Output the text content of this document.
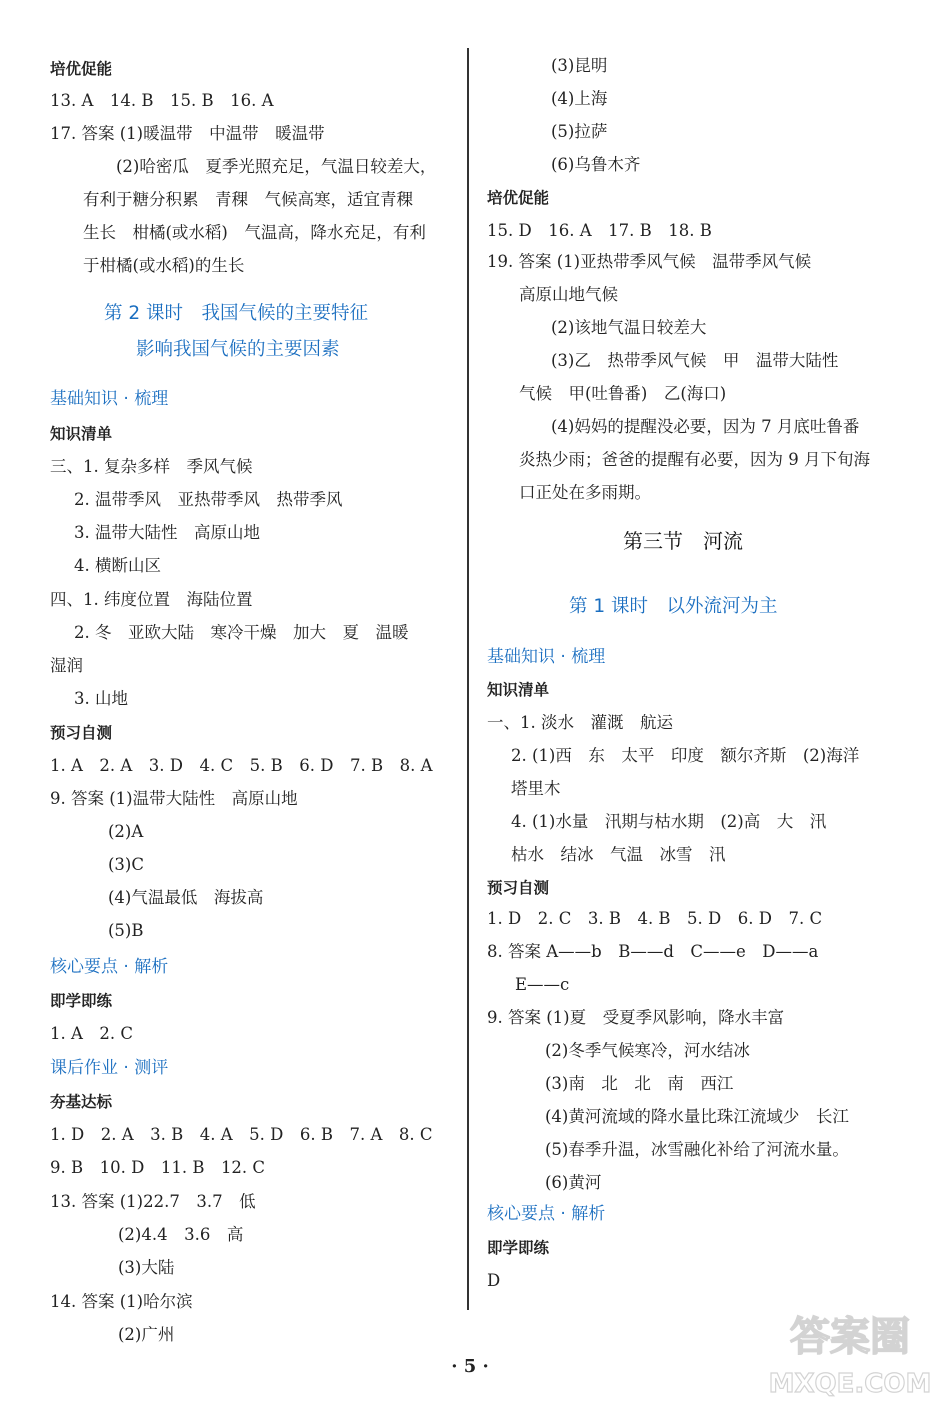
培优促能
13. A　14. B　15. B　16. A
17. 答案 (1)暖温带　中温带　暖温带
(2)哈密瓜　夏季光照充足，气温日较差大，
有利于糖分积累　青稞　气候高寒，适宜青稞
生长　柑橘(或水稻)　气温高，降水充足，有利
于柑橘(或水稻)的生长
第 2 课时　我国气候的主要特征
影响我国气候的主要因素
基础知识 · 梳理
知识清单
三、1. 复杂多样　季风气候
2. 温带季风　亚热带季风　热带季风
3. 温带大陆性　高原山地
4. 横断山区
四、1. 纬度位置　海陆位置
2. 冬　亚欧大陆　寒冷干燥　加大　夏　温暖
湿润
3. 山地
预习自测
1. A　2. A　3. D　4. C　5. B　6. D　7. B　8. A
9. 答案 (1)温带大陆性　高原山地
(2)A
(3)C
(4)气温最低　海拔高
(5)B
核心要点 · 解析
即学即练
1. A　2. C
课后作业 · 测评
夯基达标
1. D　2. A　3. B　4. A　5. D　6. B　7. A　8. C
9. B　10. D　11. B　12. C
13. 答案 (1)22.7　3.7　低
(2)4.4　3.6　高
(3)大陆
14. 答案 (1)哈尔滨
(2)广州
(3)昆明
(4)上海
(5)拉萨
(6)乌鲁木齐
培优促能
15. D　16. A　17. B　18. B
19. 答案 (1)亚热带季风气候　温带季风气候
高原山地气候
(2)该地气温日较差大
(3)乙　热带季风气候　甲　温带大陆性
气候　甲(吐鲁番)　乙(海口)
(4)妈妈的提醒没必要，因为 7 月底吐鲁番
炎热少雨；爸爸的提醒有必要，因为 9 月下旬海
口正处在多雨期。
第三节　河流
第 1 课时　以外流河为主
基础知识 · 梳理
知识清单
一、1. 淡水　灌溉　航运
2. (1)西　东　太平　印度　额尔齐斯　(2)海洋
塔里木
4. (1)水量　汛期与枯水期　(2)高　大　汛
枯水　结冰　气温　冰雪　汛
预习自测
1. D　2. C　3. B　4. B　5. D　6. D　7. C
8. 答案 A——b　B——d　C——e　D——a
E——c
9. 答案 (1)夏　受夏季风影响，降水丰富
(2)冬季气候寒冷，河水结冰
(3)南　北　北　南　西江
(4)黄河流域的降水量比珠江流域少　长江
(5)春季升温，冰雪融化补给了河流水量。
(6)黄河
核心要点 · 解析
即学即练
D
· 5 ·
答案圈
MXQE.COM
